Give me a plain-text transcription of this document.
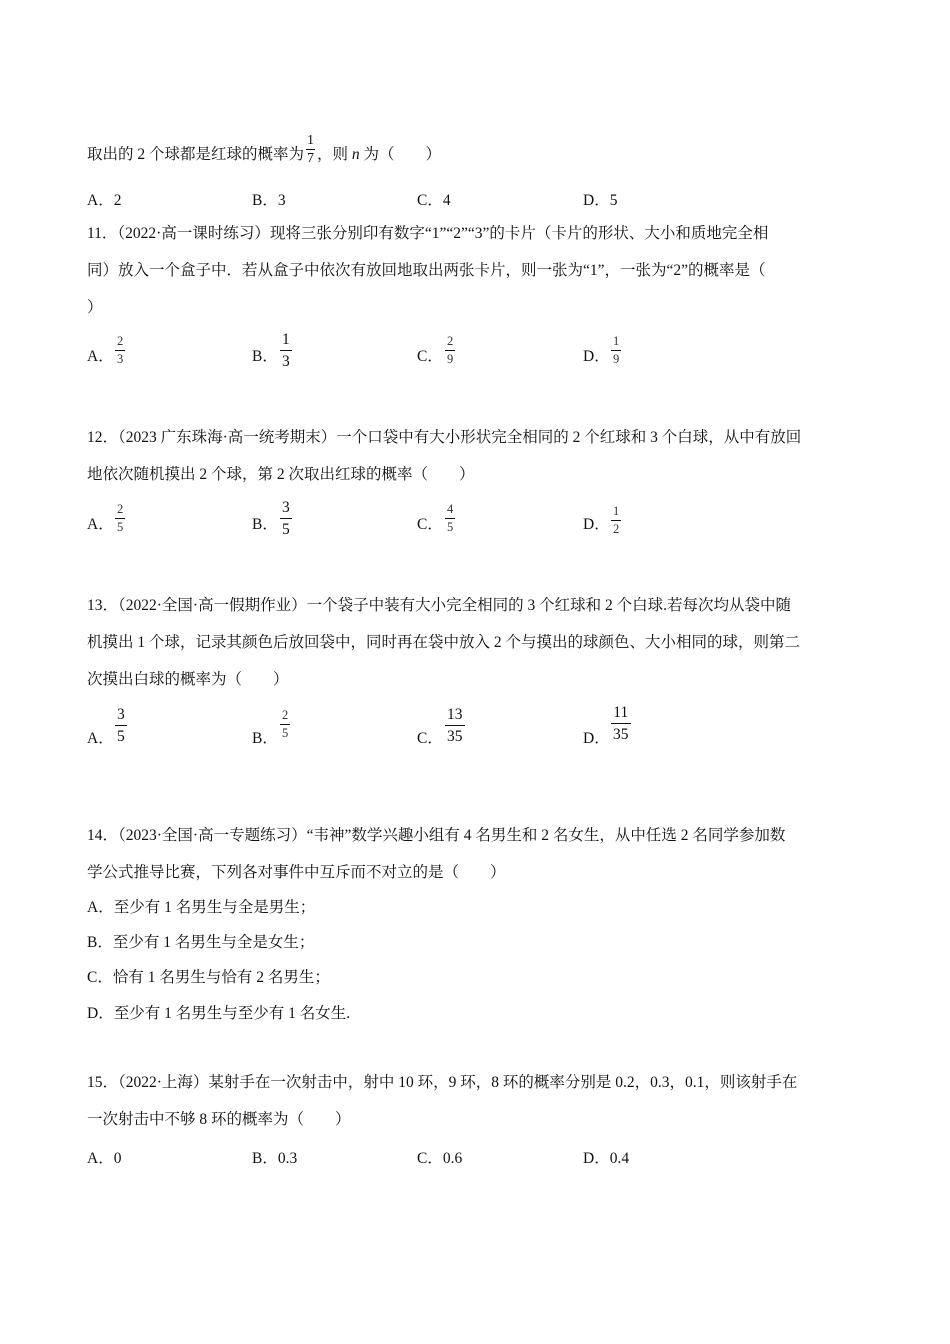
取出的 2 个球都是红球的概率为 $\frac{1}{7}$ ，则 n 为（　　）
A．2	B．3	C．4	D．5
11．（2022·高一课时练习）现将三张分别印有数字“1”“2”“3”的卡片（卡片的形状、大小和质地完全相
同）放入一个盒子中．若从盒子中依次有放回地取出两张卡片，则一张为“1”，一张为“2”的概率是（
）
A． $\frac{2}{3}$	B． $\frac{1}{3}$	C． $\frac{2}{9}$	D． $\frac{1}{9}$
12．（2023 广东珠海·高一统考期末）一个口袋中有大小形状完全相同的 2 个红球和 3 个白球，从中有放回
地依次随机摸出 2 个球，第 2 次取出红球的概率（　　）
A． $\frac{2}{5}$	B． $\frac{3}{5}$	C． $\frac{4}{5}$	D． $\frac{1}{2}$
13．（2022·全国·高一假期作业）一个袋子中装有大小完全相同的 3 个红球和 2 个白球.若每次均从袋中随
机摸出 1 个球，记录其颜色后放回袋中，同时再在袋中放入 2 个与摸出的球颜色、大小相同的球，则第二
次摸出白球的概率为（　　）
A． $\frac{3}{5}$	B． $\frac{2}{5}$	C． $\frac{13}{35}$	D． $\frac{11}{35}$
14．（2023·全国·高一专题练习）“韦神”数学兴趣小组有 4 名男生和 2 名女生，从中任选 2 名同学参加数
学公式推导比赛，下列各对事件中互斥而不对立的是（　　）
A．至少有 1 名男生与全是男生；
B．至少有 1 名男生与全是女生；
C．恰有 1 名男生与恰有 2 名男生；
D．至少有 1 名男生与至少有 1 名女生.
15．（2022·上海）某射手在一次射击中，射中 10 环，9 环，8 环的概率分别是 0.2，0.3，0.1，则该射手在
一次射击中不够 8 环的概率为（　　）
A．0	B．0.3	C．0.6	D．0.4
